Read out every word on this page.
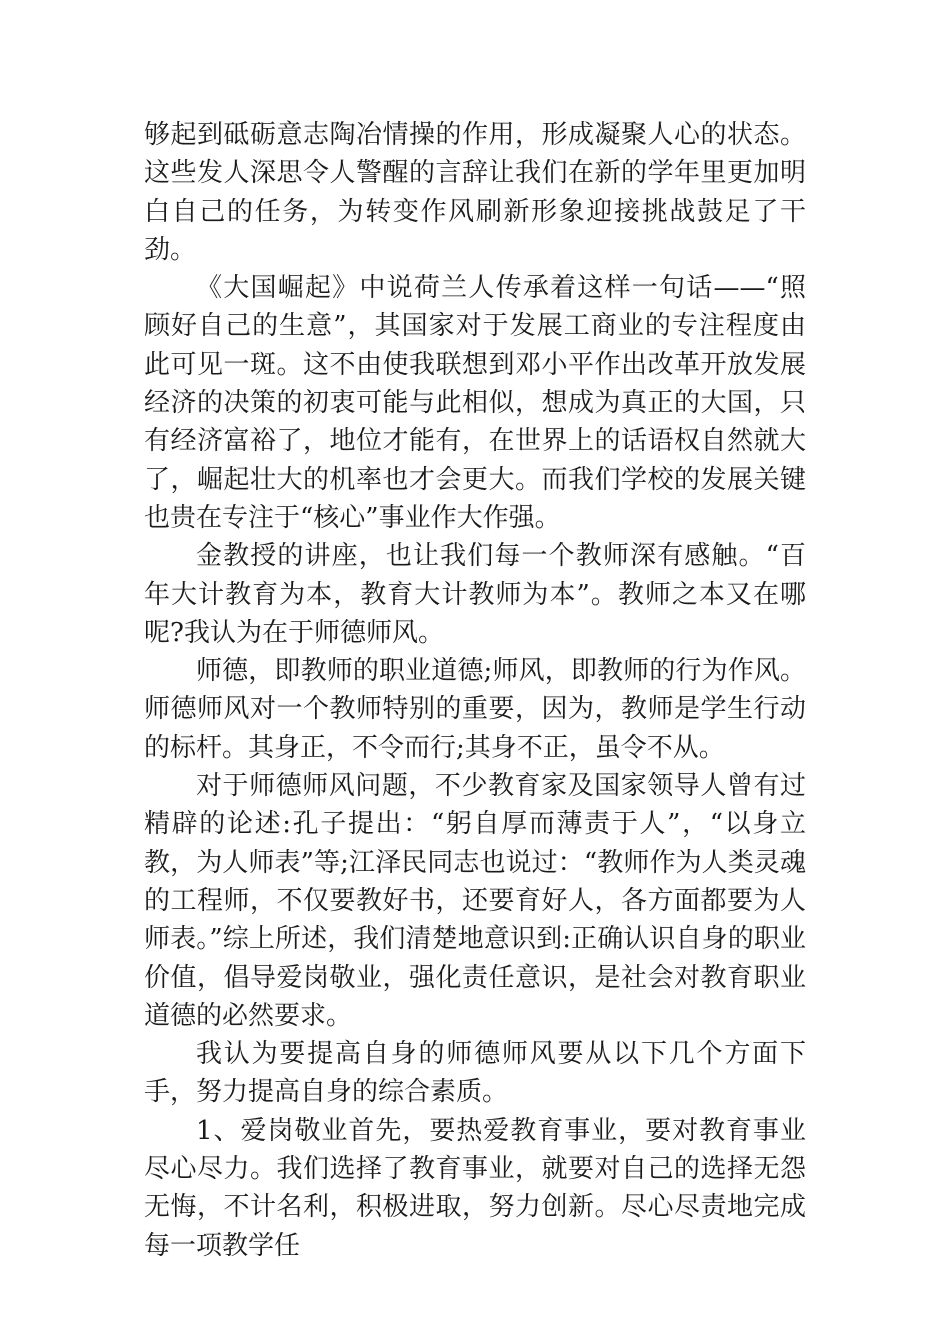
够起到砥砺意志陶冶情操的作用，形成凝聚人心的状态。这些发人深思令人警醒的言辞让我们在新的学年里更加明白自己的任务，为转变作风刷新形象迎接挑战鼓足了干劲。

《大国崛起》中说荷兰人传承着这样一句话——“照顾好自己的生意”，其国家对于发展工商业的专注程度由此可见一斑。这不由使我联想到邓小平作出改革开放发展经济的决策的初衷可能与此相似，想成为真正的大国，只有经济富裕了，地位才能有，在世界上的话语权自然就大了，崛起壮大的机率也才会更大。而我们学校的发展关键也贵在专注于“核心”事业作大作强。

金教授的讲座，也让我们每一个教师深有感触。“百年大计教育为本，教育大计教师为本”。教师之本又在哪呢?我认为在于师德师风。

师德，即教师的职业道德;师风，即教师的行为作风。师德师风对一个教师特别的重要，因为，教师是学生行动的标杆。其身正，不令而行;其身不正，虽令不从。

对于师德师风问题，不少教育家及国家领导人曾有过精辟的论述:孔子提出：“躬自厚而薄责于人”，“以身立教，为人师表”等;江泽民同志也说过：“教师作为人类灵魂的工程师，不仅要教好书，还要育好人，各方面都要为人师表。”综上所述，我们清楚地意识到:正确认识自身的职业价值，倡导爱岗敬业，强化责任意识，是社会对教育职业道德的必然要求。

我认为要提高自身的师德师风要从以下几个方面下手，努力提高自身的综合素质。

1、爱岗敬业首先，要热爱教育事业，要对教育事业尽心尽力。我们选择了教育事业，就要对自己的选择无怨无悔，不计名利，积极进取，努力创新。尽心尽责地完成每一项教学任
